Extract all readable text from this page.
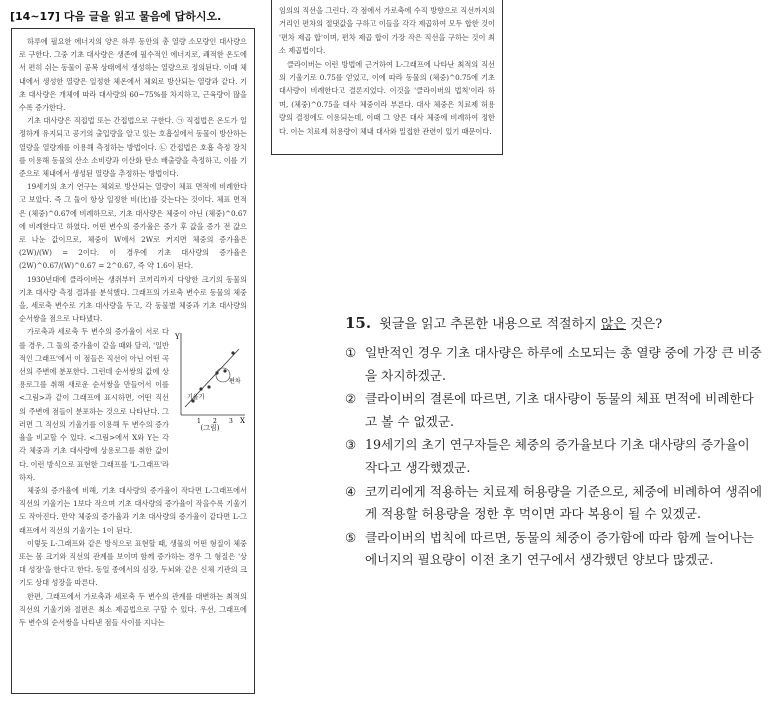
[14~17] 다음 글을 읽고 물음에 답하시오.

하루에 필요한 에너지의 양은 하루 동안의 총 열량 소모량인 대사량으로 구한다. 그중 기초 대사량은 생존에 필수적인 에너지로, 쾌적한 온도에서 편히 쉬는 동물이 공복 상태에서 생성하는 열량으로 정의된다. 이때 체내에서 생성한 열량은 일정한 체온에서 체외로 방산되는 열량과 같다. 기초 대사량은 개체에 따라 대사량의 60~75%를 차지하고, 근육량이 많을수록 증가한다.

기초 대사량은 직접법 또는 간접법으로 구한다. ㉠ 직접법은 온도가 일정하게 유지되고 공기의 출입량을 알고 있는 호흡실에서 동물이 방산하는 열량을 열량계를 이용해 측정하는 방법이다. ㉡ 간접법은 호흡 측정 장치를 이용해 동물의 산소 소비량과 이산화 탄소 배출량을 측정하고, 이를 기준으로 체내에서 생성된 열량을 추정하는 방법이다.

19세기의 초기 연구는 체외로 방산되는 열량이 체표 면적에 비례한다고 보았다. 즉 그 둘이 항상 일정한 비(比)를 갖는다는 것이다. 체표 면적은 (체중)^0.67에 비례하므로, 기초 대사량은 체중이 아닌 (체중)^0.67에 비례한다고 하였다. 어떤 변수의 증가율은 증가 후 값을 증가 전 값으로 나눈 값이므로, 체중이 W에서 2W로 커지면 체중의 증가율은 (2W)/(W) = 2이다. 이 경우에 기초 대사량의 증가율은 (2W)^0.67/(W)^0.67 = 2^0.67, 즉 약 1.6이 된다.

1930년대에 클라이버는 생쥐부터 코끼리까지 다양한 크기의 동물의 기초 대사량 측정 결과를 분석했다. 그래프의 가로축 변수로 동물의 체중을, 세로축 변수로 기초 대사량을 두고, 각 동물별 체중과 기초 대사량의 순서쌍을 점으로 나타냈다.

가로축과 세로축 두 변수의 증가율이 서로 다를 경우, 그 둘의 증가율이 같을 때와 달리, '일반적인 그래프'에서 이 점들은 직선이 아닌 어떤 곡선의 주변에 분포한다. 그런데 순서쌍의 값에 상용로그를 취해 새로운 순서쌍을 만들어서 이를 <그림>과 같이 그래프에 표시하면, 어떤 직선의 주변에 점들이 분포하는 것으로 나타난다. 그러면 그 직선의 기울기를 이용해 두 변수의 증가율을 비교할 수 있다. <그림>에서 X와 Y는 각각 체중과 기초 대사량에 상용로그를 취한 값이다. 이런 방식으로 표현한 그래프를 'L-그래프'라 하자.

Y
X
1 2 3
편차
기울기
(그림)

체중의 증가율에 비해, 기초 대사량의 증가율이 작다면 L-그래프에서 직선의 기울기는 1보다 작으며 기초 대사량의 증가율이 작을수록 기울기도 작아진다. 만약 체중의 증가율과 기초 대사량의 증가율이 같다면 L-그래프에서 직선의 기울기는 1이 된다.

이렇듯 L-그래프와 같은 방식으로 표현할 때, 생물의 어떤 형질이 체중 또는 몸 크기와 직선의 관계를 보이며 함께 증가하는 경우 그 형질은 '상대 성장'을 한다고 한다. 동일 종에서의 심장, 두뇌와 같은 신체 기관의 크기도 상대 성장을 따른다.

한편, 그래프에서 가로축과 세로축 두 변수의 관계를 대변하는 최적의 직선의 기울기와 절편은 최소 제곱법으로 구할 수 있다. 우선, 그래프에 두 변수의 순서쌍을 나타낸 점들 사이를 지나는

임의의 직선을 그린다. 각 점에서 가로축에 수직 방향으로 직선까지의 거리인 편차의 절댓값을 구하고 이들을 각각 제곱하여 모두 합한 것이 '편차 제곱 합'이며, 편차 제곱 합이 가장 작은 직선을 구하는 것이 최소 제곱법이다.

클라이버는 이런 방법에 근거하여 L-그래프에 나타난 최적의 직선의 기울기로 0.75를 얻었고, 이에 따라 동물의 (체중)^0.75에 기초 대사량이 비례한다고 결론지었다. 이것을 '클라이버의 법칙'이라 하며, (체중)^0.75을 대사 체중이라 부른다. 대사 체중은 치료제 허용량의 결정에도 이용되는데, 이때 그 양은 대사 체중에 비례하여 정한다. 이는 치료제 허용량이 체내 대사와 밀접한 관련이 있기 때문이다.

15. 윗글을 읽고 추론한 내용으로 적절하지 않은 것은?
① 일반적인 경우 기초 대사량은 하루에 소모되는 총 열량 중에 가장 큰 비중을 차지하겠군.
② 클라이버의 결론에 따르면, 기초 대사량이 동물의 체표 면적에 비례한다고 볼 수 없겠군.
③ 19세기의 초기 연구자들은 체중의 증가율보다 기초 대사량의 증가율이 작다고 생각했겠군.
④ 코끼리에게 적용하는 치료제 허용량을 기준으로, 체중에 비례하여 생쥐에게 적용할 허용량을 정한 후 먹이면 과다 복용이 될 수 있겠군.
⑤ 클라이버의 법칙에 따르면, 동물의 체중이 증가함에 따라 함께 늘어나는 에너지의 필요량이 이전 초기 연구에서 생각했던 양보다 많겠군.
